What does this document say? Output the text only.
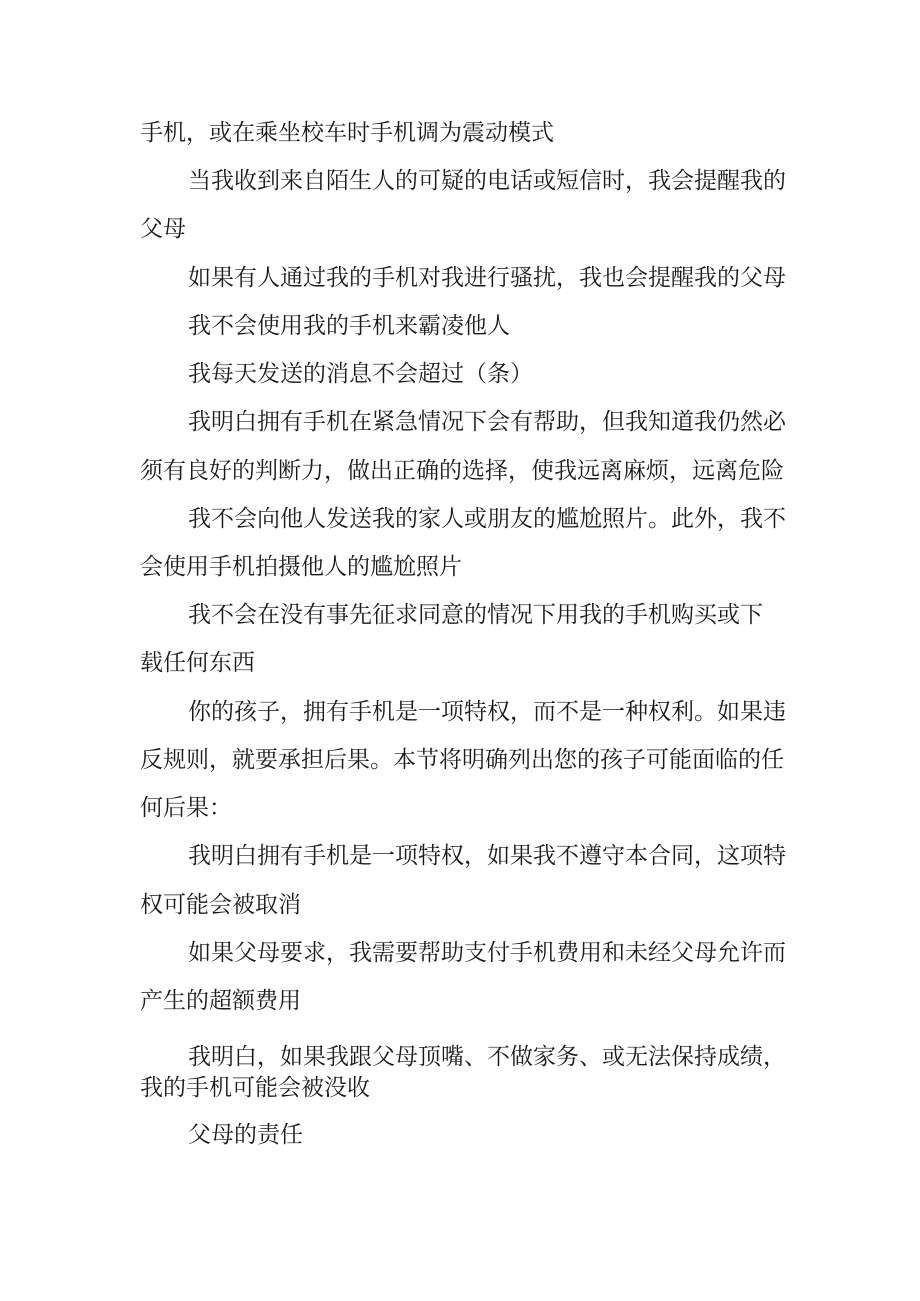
手机，或在乘坐校车时手机调为震动模式
当我收到来自陌生人的可疑的电话或短信时，我会提醒我的
父母
如果有人通过我的手机对我进行骚扰，我也会提醒我的父母
我不会使用我的手机来霸凌他人
我每天发送的消息不会超过（条）
我明白拥有手机在紧急情况下会有帮助，但我知道我仍然必
须有良好的判断力，做出正确的选择，使我远离麻烦，远离危险
我不会向他人发送我的家人或朋友的尴尬照片。此外，我不
会使用手机拍摄他人的尴尬照片
我不会在没有事先征求同意的情况下用我的手机购买或下
载任何东西
你的孩子，拥有手机是一项特权，而不是一种权利。如果违
反规则，就要承担后果。本节将明确列出您的孩子可能面临的任
何后果：
我明白拥有手机是一项特权，如果我不遵守本合同，这项特
权可能会被取消
如果父母要求，我需要帮助支付手机费用和未经父母允许而
产生的超额费用
我明白，如果我跟父母顶嘴、不做家务、或无法保持成绩，
我的手机可能会被没收
父母的责任
